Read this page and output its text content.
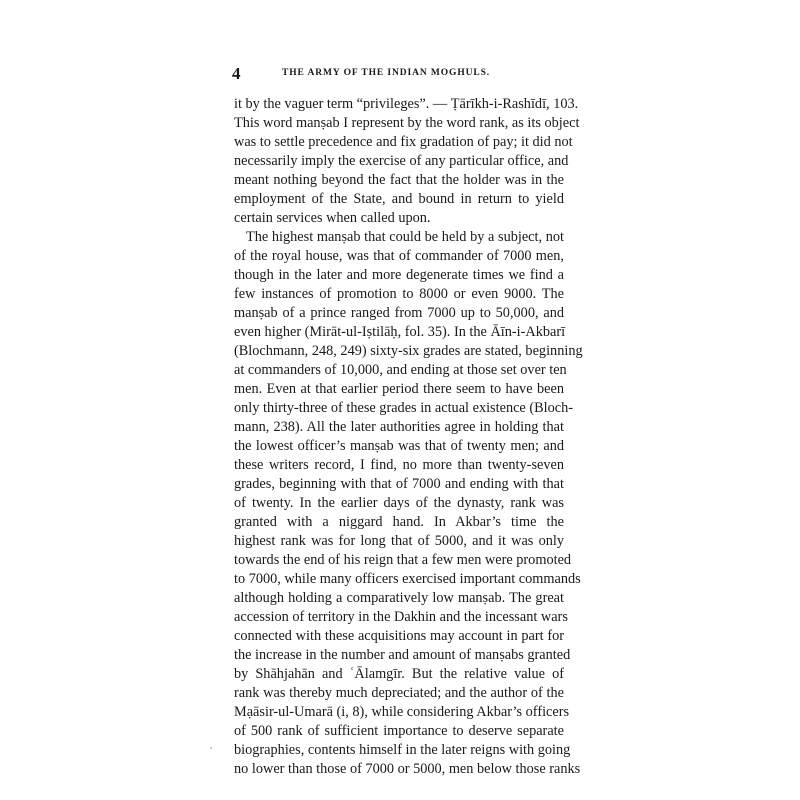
4	THE ARMY OF THE INDIAN MOGHULS.
it by the vaguer term “privileges”. — Ṭārīkh-i-Rashīdī, 103.
This word manṣab I represent by the word rank, as its object
was to settle precedence and fix gradation of pay; it did not
necessarily imply the exercise of any particular office, and
meant nothing beyond the fact that the holder was in the
employment of the State, and bound in return to yield
certain services when called upon.
The highest manṣab that could be held by a subject, not
of the royal house, was that of commander of 7000 men,
though in the later and more degenerate times we find a
few instances of promotion to 8000 or even 9000. The
manṣab of a prince ranged from 7000 up to 50,000, and
even higher (Mirāt-ul-Iṣtilāḥ, fol. 35). In the Āīn-i-Akbarī
(Blochmann, 248, 249) sixty-six grades are stated, beginning
at commanders of 10,000, and ending at those set over ten
men. Even at that earlier period there seem to have been
only thirty-three of these grades in actual existence (Bloch-
mann, 238). All the later authorities agree in holding that
the lowest officer’s manṣab was that of twenty men; and
these writers record, I find, no more than twenty-seven
grades, beginning with that of 7000 and ending with that
of twenty. In the earlier days of the dynasty, rank was
granted with a niggard hand. In Akbar’s time the
highest rank was for long that of 5000, and it was only
towards the end of his reign that a few men were promoted
to 7000, while many officers exercised important commands
although holding a comparatively low manṣab. The great
accession of territory in the Dakhin and the incessant wars
connected with these acquisitions may account in part for
the increase in the number and amount of manṣabs granted
by Shāhjahān and ʿĀlamgīr. But the relative value of
rank was thereby much depreciated; and the author of the
Mạāsir-ul-Umarā (i, 8), while considering Akbar’s officers
of 500 rank of sufficient importance to deserve separate
biographies, contents himself in the later reigns with going
no lower than those of 7000 or 5000, men below those ranks
